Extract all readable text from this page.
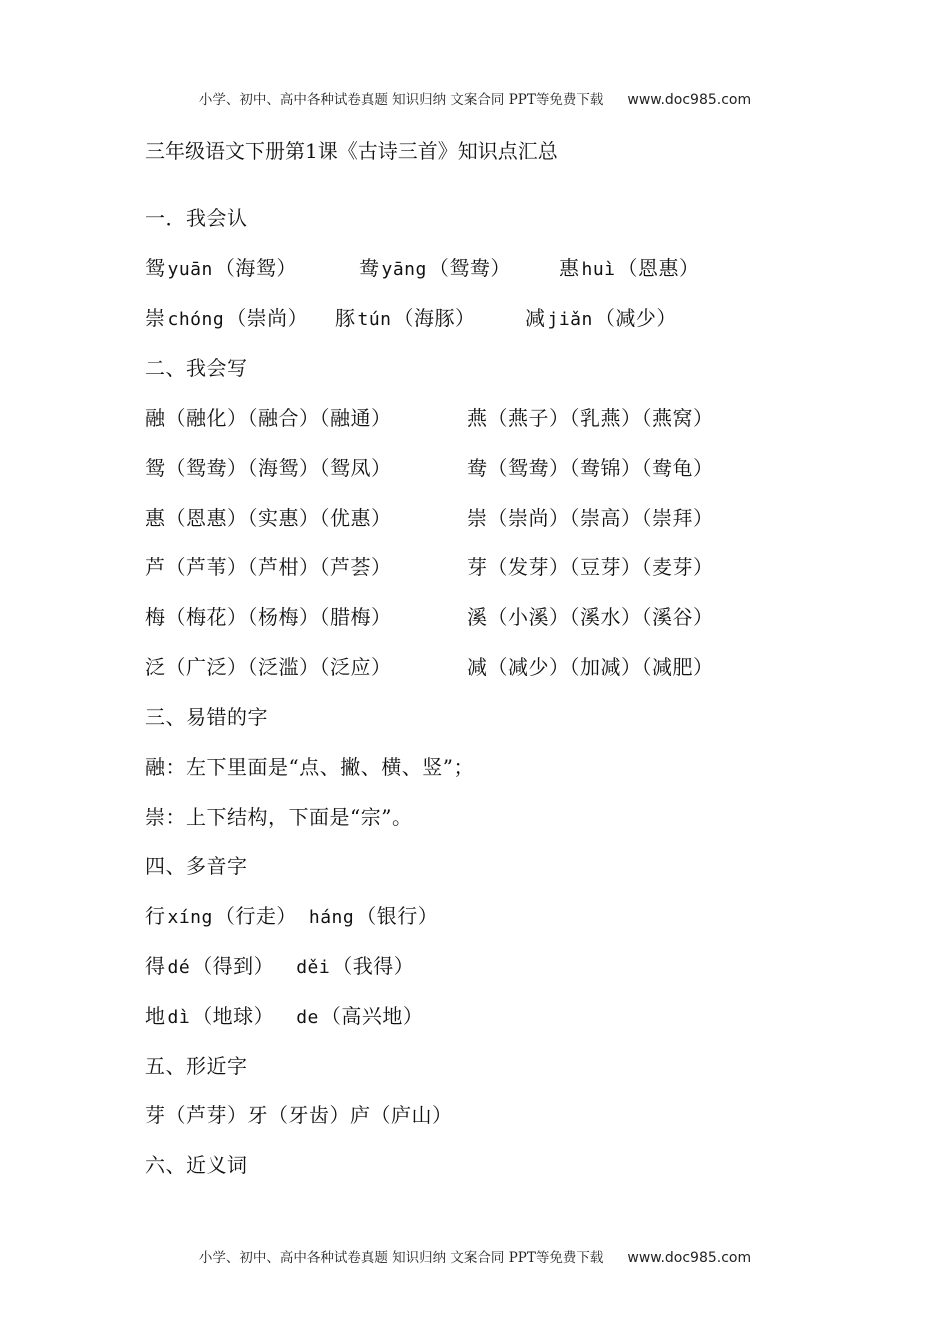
小学、初中、高中各种试卷真题 知识归纳 文案合同 PPT等免费下载 www.doc985.com
三年级语文下册第1课《古诗三首》知识点汇总
一．我会认
鸳 yuān （海鸳）	鸯 yāng （鸳鸯） 惠 huì （恩惠）
崇 chóng （崇尚） 豚 tún （海豚） 减 jiǎn （减少）
二、我会写
融（融化）（融合）（融通）	燕（燕子）（乳燕）（燕窝）
鸳（鸳鸯）（海鸳）（鸳凤）	鸯（鸳鸯）（鸯锦）（鸯龟）
惠（恩惠）（实惠）（优惠）	崇（崇尚）（崇高）（崇拜）
芦（芦苇）（芦柑）（芦荟）	芽（发芽）（豆芽）（麦芽）
梅（梅花）（杨梅）（腊梅）	溪（小溪）（溪水）（溪谷）
泛（广泛）（泛滥）（泛应）	减（减少）（加减）（减肥）
三、易错的字
融：左下里面是“点、撇、横、竖”；
崇：上下结构，下面是“宗”。
四、多音字
行 xíng （行走） háng （银行）
得 dé （得到） děi （我得）
地 dì （地球） de （高兴地）
五、形近字
芽（芦芽）牙（牙齿）庐（庐山）
六、近义词
小学、初中、高中各种试卷真题 知识归纳 文案合同 PPT等免费下载 www.doc985.com
